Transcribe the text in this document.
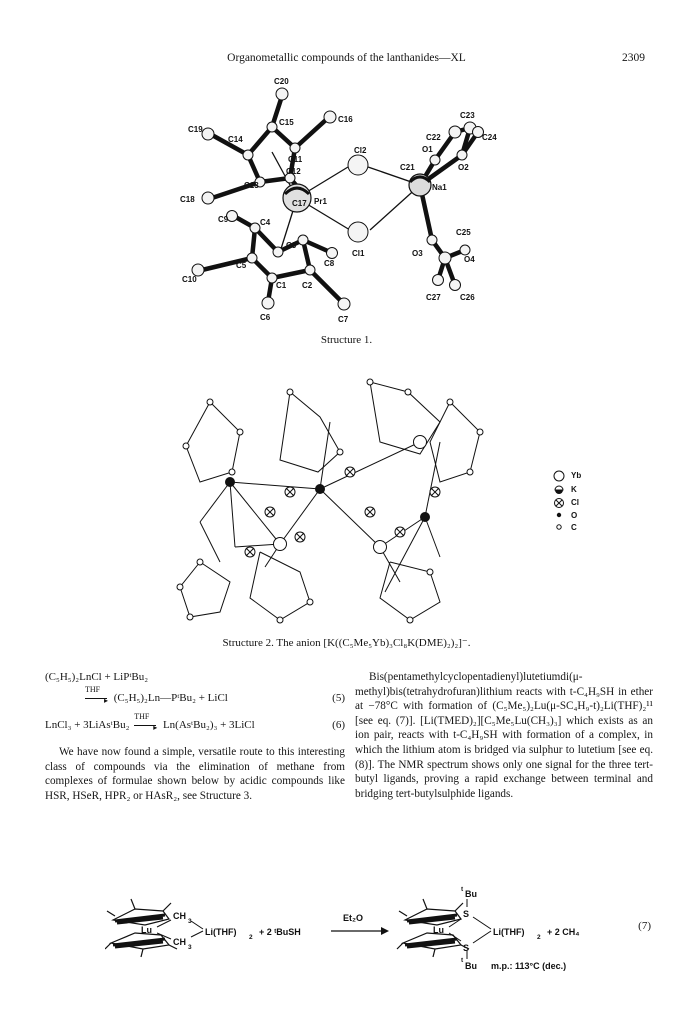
Organometallic compounds of the lanthanides—XL	2309
C20
C16
C15
C19
C14
C11
C12
C13
C17
C18
C9	C4
Pr1
Cl2
Cl1
C3
C8
C10
C5
C1 C2
C6	C7
Na1
O1
O2
O3
O4
C21
C22
C23
C24
C25
C26
C27
Structure 1.
Yb
K
Cl
O
C
Structure 2. The anion [K((C₅Me₅Yb)₃Cl₈K(DME)₂)₂]⁻.
(C₅H₅)₂LnCl + LiPᵗBu₂
THF
▸ (C₅H₅)₂Ln—PᵗBu₂ + LiCl	(5)
LnCl₃ + 3LiAsᵗBu₂
THF
▸ Ln(AsᵗBu₂)₃ + 3LiCl	(6)

We have now found a simple, versatile route to this interesting class of compounds via the elimination of methane from complexes of formulae shown below by acidic compounds like HSR, HSeR, HPR₂ or HAsR₂, see Structure 3.

Bis(pentamethylcyclopentadienyl)lutetiumdi(μ-methyl)bis(tetrahydrofuran)lithium reacts with t-C₄H₉SH in ether at −78°C with formation of (C₅Me₅)₂Lu(μ-SC₄H₉-t)₂Li(THF)₂¹¹ [see eq. (7)]. [Li(TMED)₂][C₅Me₅Lu(CH₃)₃] which exists as an ion pair, reacts with t-C₄H₉SH with formation of a complex, in which the lithium atom is bridged via sulphur to lutetium [see eq. (8)]. The NMR spectrum shows only one signal for the three tert-butyl ligands, proving a rapid exchange between terminal and bridging tert-butylsulphide ligands.

Lu
CH
3
CH
3
Li(THF)
2
+ 2 ᵗBuSH
Et₂O
Lu
S
S
t Bu
t
Bu
Li(THF)
2
+ 2 CH₄
m.p.: 113°C (dec.)
(7)
